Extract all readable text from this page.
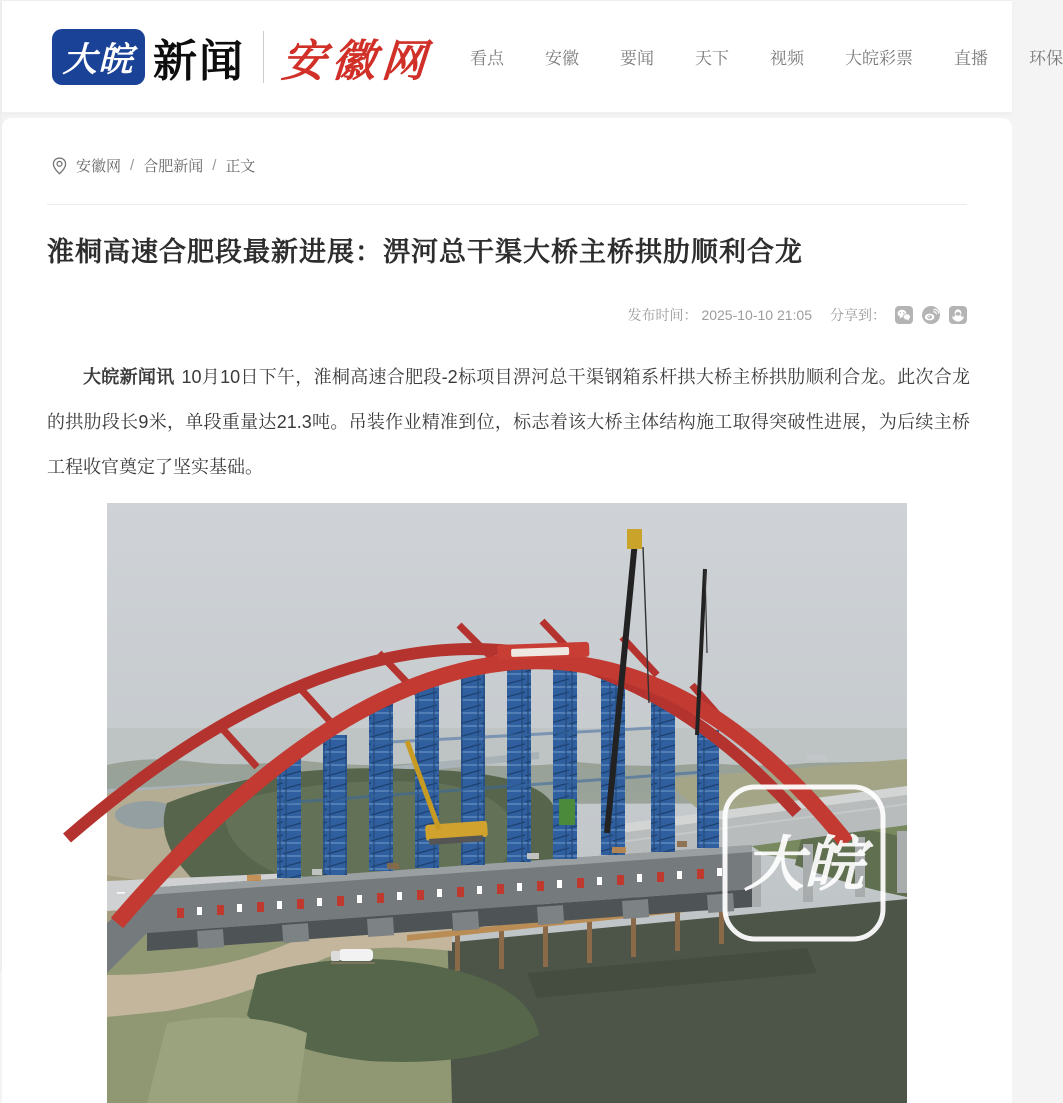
大皖 新闻 安徽网 看点 安徽 要闻 天下 视频 大皖彩票 直播 环保
安徽网 / 合肥新闻 / 正文
淮桐高速合肥段最新进展：淠河总干渠大桥主桥拱肋顺利合龙
发布时间： 2025-10-10 21:05 分享到：

大皖新闻讯 10月10日下午，淮桐高速合肥段-2标项目淠河总干渠钢箱系杆拱大桥主桥拱肋顺利合龙。此次合龙的拱肋段长9米，单段重量达21.3吨。吊装作业精准到位，标志着该大桥主体结构施工取得突破性进展，为后续主桥工程收官奠定了坚实基础。

大皖
